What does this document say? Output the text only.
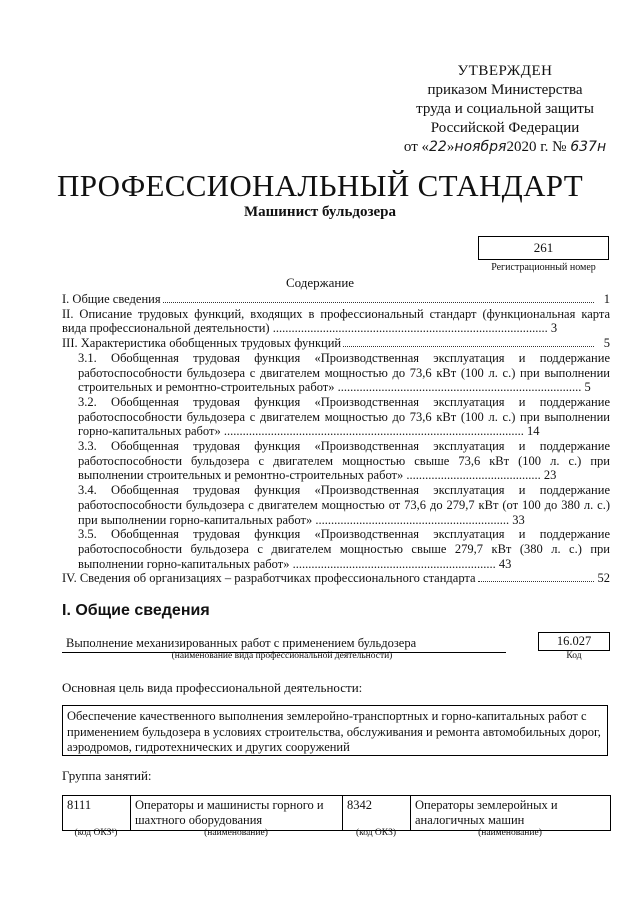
УТВЕРЖДЕН
приказом Министерства
труда и социальной защиты
Российской Федерации
от «22»ноября2020 г. № 637н
ПРОФЕССИОНАЛЬНЫЙ СТАНДАРТ
Машинист бульдозера
261
Регистрационный номер
Содержание
I. Общие сведения	1
II. Описание трудовых функций, входящих в профессиональный стандарт (функциональная карта вида профессиональной деятельности) ........................................................................................ 3
III. Характеристика обобщенных трудовых функций	5
3.1. Обобщенная трудовая функция «Производственная эксплуатация и поддержание работоспособности бульдозера с двигателем мощностью до 73,6 кВт (100 л. с.) при выполнении строительных и ремонтно-строительных работ» .............................................................................. 5
3.2. Обобщенная трудовая функция «Производственная эксплуатация и поддержание работоспособности бульдозера с двигателем мощностью до 73,6 кВт (100 л. с.) при выполнении горно-капитальных работ» ................................................................................................ 14
3.3. Обобщенная трудовая функция «Производственная эксплуатация и поддержание работоспособности бульдозера с двигателем мощностью свыше 73,6 кВт (100 л. с.) при выполнении строительных и ремонтно-строительных работ» ........................................... 23
3.4. Обобщенная трудовая функция «Производственная эксплуатация и поддержание работоспособности бульдозера с двигателем мощностью от 73,6 до 279,7 кВт (от 100 до 380 л. с.) при выполнении горно-капитальных работ» .............................................................. 33
3.5. Обобщенная трудовая функция «Производственная эксплуатация и поддержание работоспособности бульдозера с двигателем мощностью свыше 279,7 кВт (380 л. с.) при выполнении горно-капитальных работ» ................................................................. 43
IV. Сведения об организациях – разработчиках профессионального стандарта	52
I. Общие сведения
Выполнение механизированных работ с применением бульдозера
(наименование вида профессиональной деятельности)
16.027
Код
Основная цель вида профессиональной деятельности:
Обеспечение качественного выполнения землеройно-транспортных и горно-капитальных работ с применением бульдозера в условиях строительства, обслуживания и ремонта автомобильных дорог, аэродромов, гидротехнических и других сооружений
Группа занятий:
8111	Операторы и машинисты горного и шахтного оборудования	8342	Операторы землеройных и аналогичных машин
(код ОКЗ¹)	(наименование)	(код ОКЗ)	(наименование)
